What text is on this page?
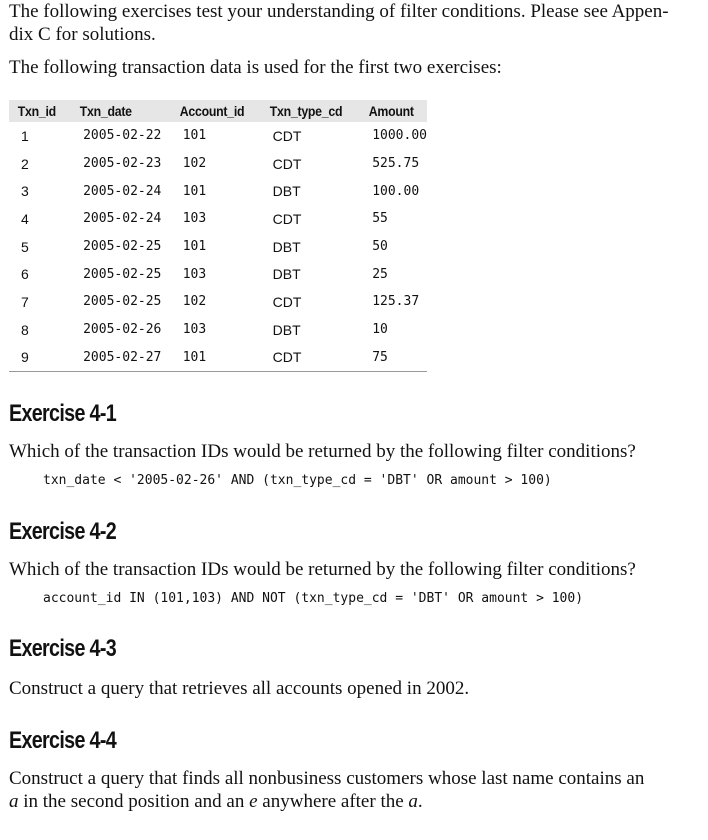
The following exercises test your understanding of filter conditions. Please see Appen-
dix C for solutions.

The following transaction data is used for the first two exercises:

Txn_id	Txn_date	Account_id	Txn_type_cd	Amount
1	2005-02-22	101	CDT	1000.00
2	2005-02-23	102	CDT	525.75
3	2005-02-24	101	DBT	100.00
4	2005-02-24	103	CDT	55
5	2005-02-25	101	DBT	50
6	2005-02-25	103	DBT	25
7	2005-02-25	102	CDT	125.37
8	2005-02-26	103	DBT	10
9	2005-02-27	101	CDT	75
Exercise 4-1

Which of the transaction IDs would be returned by the following filter conditions?

txn_date < '2005-02-26' AND (txn_type_cd = 'DBT' OR amount > 100)

Exercise 4-2

Which of the transaction IDs would be returned by the following filter conditions?

account_id IN (101,103) AND NOT (txn_type_cd = 'DBT' OR amount > 100)

Exercise 4-3

Construct a query that retrieves all accounts opened in 2002.

Exercise 4-4

Construct a query that finds all nonbusiness customers whose last name contains an
a in the second position and an e anywhere after the a.
